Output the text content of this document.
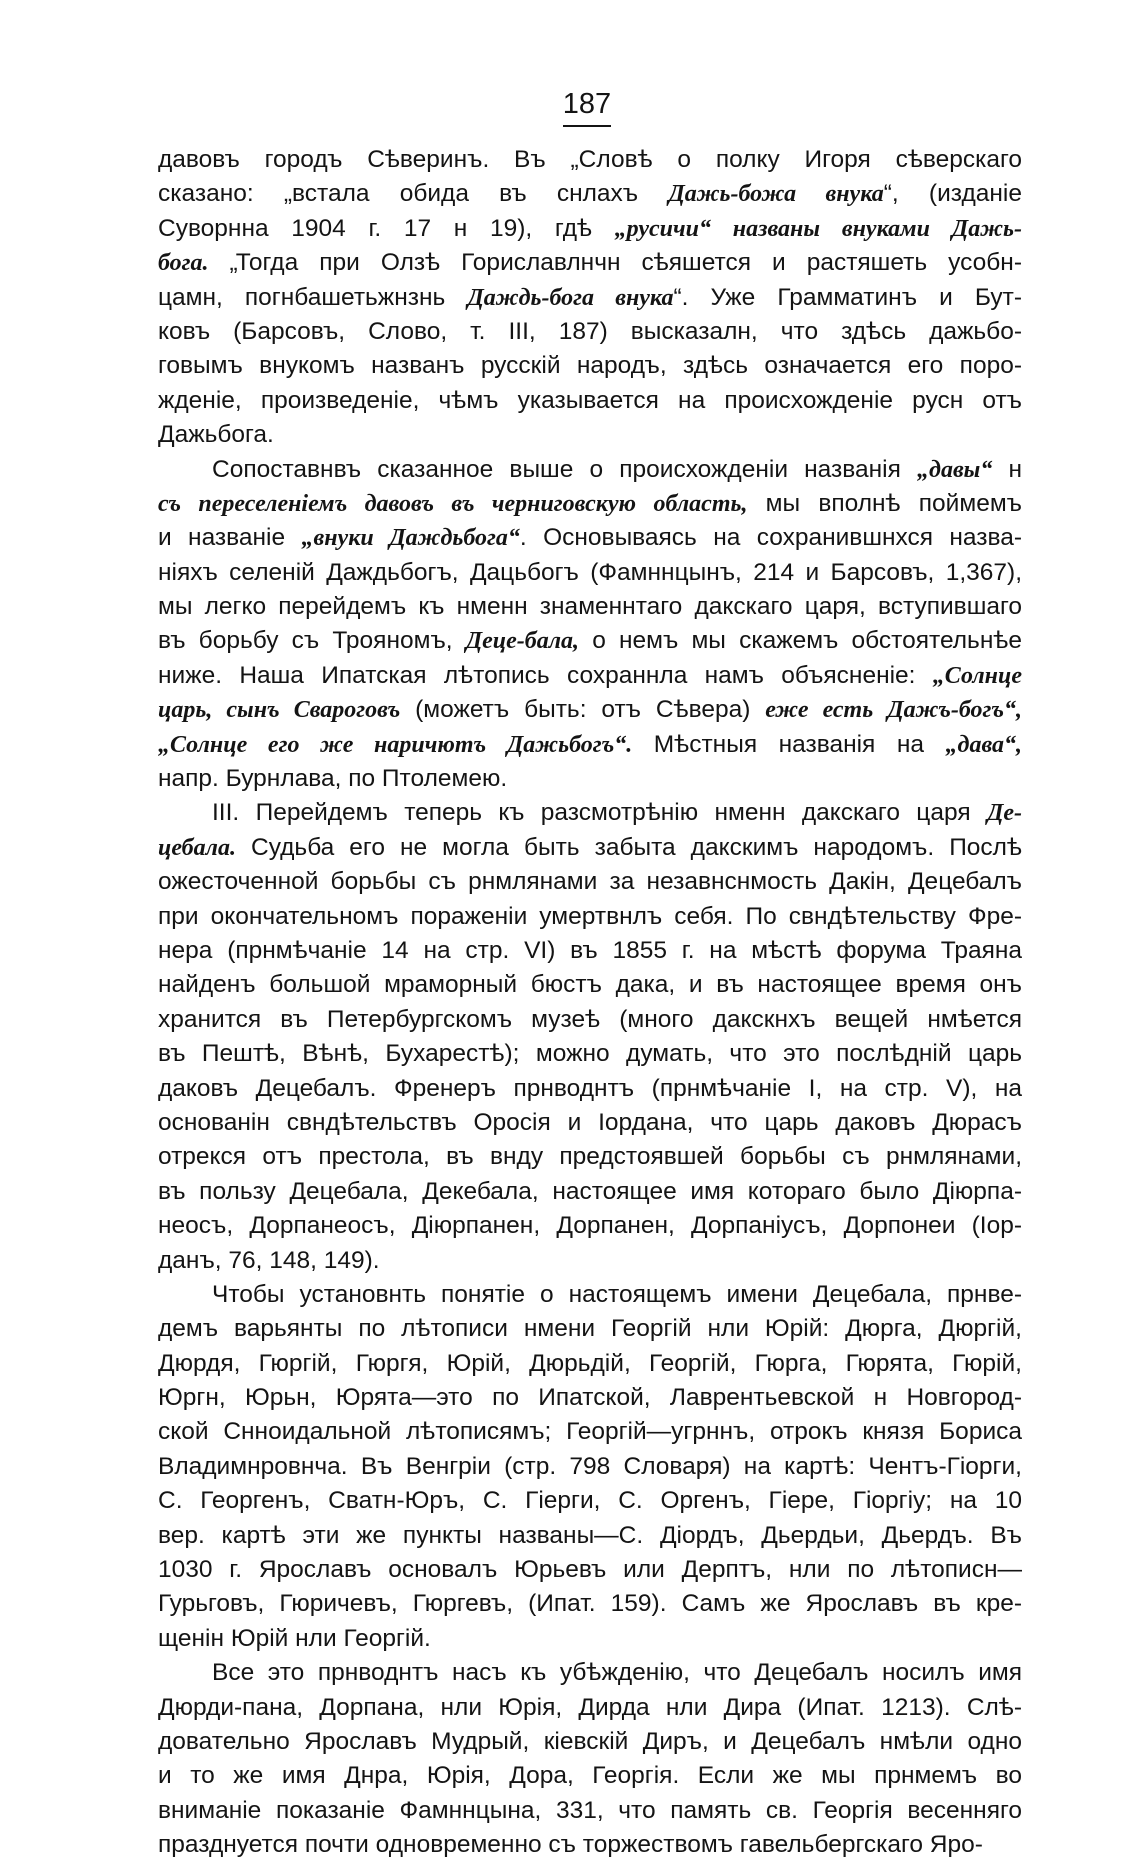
187
давовъ городъ Сѣверинъ. Въ „Словѣ о полку Игоря сѣверскаго
сказано: „встала обида въ снлахъ Дажь-божа внука“, (изданіе
Суворнна 1904 г. 17 н 19), гдѣ „русичи“ названы внуками Дажь-
бога. „Тогда при Олзѣ Гориславлнчн сѣяшется и растяшеть усобн-
цамн, погнбашетьжнзнь Даждь-бога внука“. Уже Грамматинъ и Бут-
ковъ (Барсовъ, Слово, т. III, 187) высказалн, что здѣсь дажьбо-
говымъ внукомъ названъ русскій народъ, здѣсь означается его поро-
жденіе, произведеніе, чѣмъ указывается на происхожденіе русн отъ
Дажьбога.
Сопоставнвъ сказанное выше о происхожденіи названія „давы“ н
съ переселеніемъ давовъ въ черниговскую область, мы вполнѣ поймемъ
и названіе „внуки Даждьбога“. Основываясь на сохранившнхся назва-
ніяхъ селеній Даждьбогъ, Дацьбогъ (Фамннцынъ, 214 и Барсовъ, 1,367),
мы легко перейдемъ къ нменн знаменнтаго дакскаго царя, вступившаго
въ борьбу съ Трояномъ, Деце-бала, о немъ мы скажемъ обстоятельнѣе
ниже. Наша Ипатская лѣтопись сохраннла намъ объясненіе: „Солнце
царь, сынъ Свароговъ (можетъ быть: отъ Сѣвера) еже есть Дажъ-богъ“,
„Солнце его же наричютъ Дажьбогъ“. Мѣстныя названія на „дава“,
напр. Бурнлава, по Птолемею.
III. Перейдемъ теперь къ разсмотрѣнію нменн дакскаго царя Де-
цебала. Судьба его не могла быть забыта дакскимъ народомъ. Послѣ
ожесточенной борьбы съ рнмлянами за незавнснмость Дакін, Децебалъ
при окончательномъ пораженіи умертвнлъ себя. По свндѣтельству Фре-
нера (прнмѣчаніе 14 на стр. VI) въ 1855 г. на мѣстѣ форума Траяна
найденъ большой мраморный бюстъ дака, и въ настоящее время онъ
хранится въ Петербургскомъ музеѣ (много дакскнхъ вещей нмѣется
въ Пештѣ, Вѣнѣ, Бухарестѣ); можно думать, что это послѣдній царь
даковъ Децебалъ. Френеръ прнводнтъ (прнмѣчаніе I, на стр. V), на
основанін свндѣтельствъ Оросія и Іордана, что царь даковъ Дюрасъ
отрекся отъ престола, въ внду предстоявшей борьбы съ рнмлянами,
въ пользу Децебала, Декебала, настоящее имя котораго было Діюрпа-
неосъ, Дорпанеосъ, Діюрпанен, Дорпанен, Дорпаніусъ, Дорпонеи (Іор-
данъ, 76, 148, 149).
Чтобы установнть понятіе о настоящемъ имени Децебала, прнве-
демъ варьянты по лѣтописи нмени Георгій нли Юрій: Дюрга, Дюргій,
Дюрдя, Гюргій, Гюргя, Юрій, Дюрьдій, Георгій, Гюрга, Гюрята, Гюрій,
Юргн, Юрьн, Юрята—это по Ипатской, Лаврентьевской н Новгород-
ской Снноидальной лѣтописямъ; Георгій—угрннъ, отрокъ князя Бориса
Владимнровнча. Въ Венгріи (стр. 798 Словаря) на картѣ: Чентъ-Гіорги,
С. Георгенъ, Сватн-Юръ, С. Гіерги, С. Оргенъ, Гіере, Гіоргіу; на 10
вер. картѣ эти же пункты названы—С. Діордъ, Дьердьи, Дьердъ. Въ
1030 г. Ярославъ основалъ Юрьевъ или Дерптъ, нли по лѣтописн—
Гурьговъ, Гюричевъ, Гюргевъ, (Ипат. 159). Самъ же Ярославъ въ кре-
щенін Юрій нли Георгій.
Все это прнводнтъ насъ къ убѣжденію, что Децебалъ носилъ имя
Дюрди-пана, Дорпана, нли Юрія, Дирда нли Дира (Ипат. 1213). Слѣ-
довательно Ярославъ Мудрый, кіевскій Диръ, и Децебалъ нмѣли одно
и то же имя Днра, Юрія, Дора, Георгія. Если же мы прнмемъ во
вниманіе показаніе Фамннцына, 331, что память св. Георгія весенняго
празднуется почти одновременно съ торжествомъ гавельбергскаго Яро-
